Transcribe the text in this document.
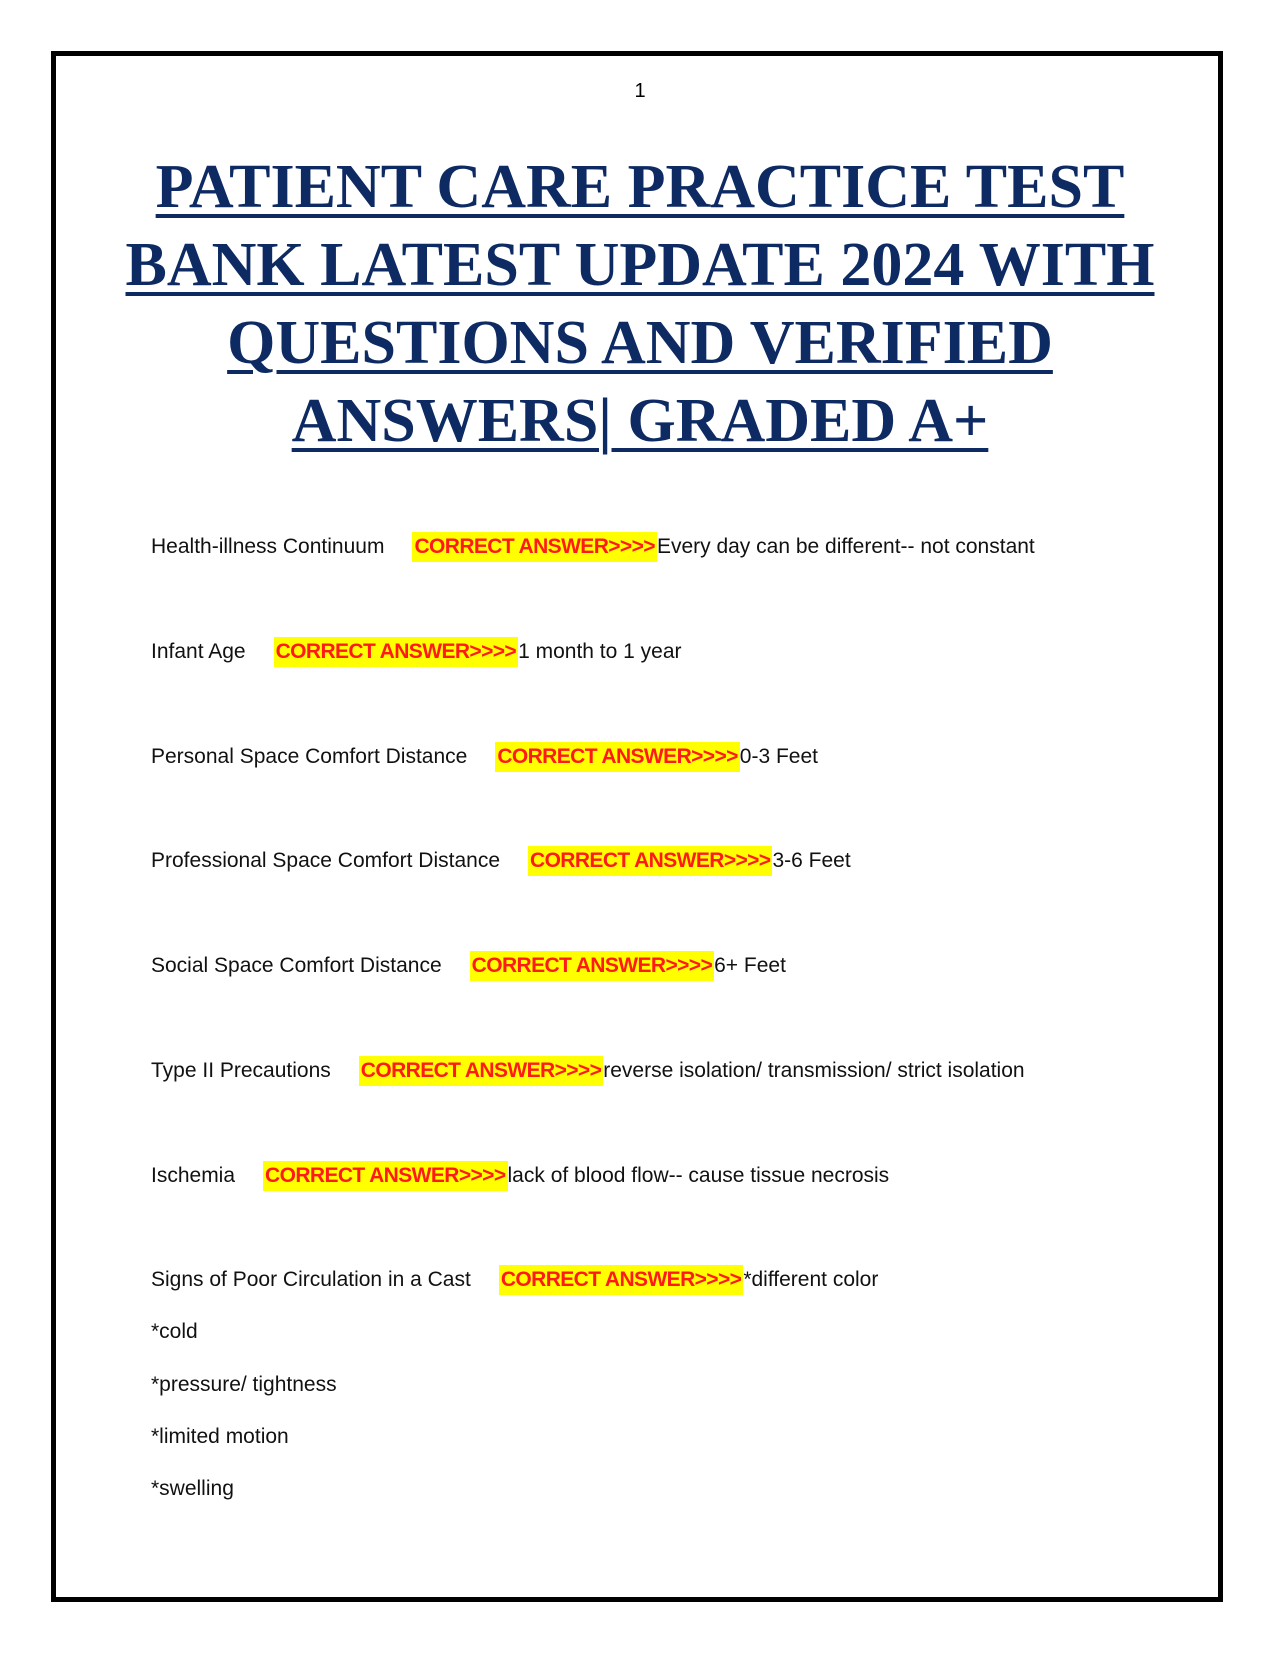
1
PATIENT CARE PRACTICE TEST
BANK LATEST UPDATE 2024 WITH
QUESTIONS AND VERIFIED
ANSWERS| GRADED A+
Health-illness Continuum CORRECT ANSWER>>>>Every day can be different-- not constant
Infant Age CORRECT ANSWER>>>>1 month to 1 year
Personal Space Comfort Distance CORRECT ANSWER>>>>0-3 Feet
Professional Space Comfort Distance CORRECT ANSWER>>>>3-6 Feet
Social Space Comfort Distance CORRECT ANSWER>>>>6+ Feet
Type II Precautions CORRECT ANSWER>>>>reverse isolation/ transmission/ strict isolation
Ischemia CORRECT ANSWER>>>>lack of blood flow-- cause tissue necrosis
Signs of Poor Circulation in a Cast CORRECT ANSWER>>>>*different color
*cold
*pressure/ tightness
*limited motion
*swelling
